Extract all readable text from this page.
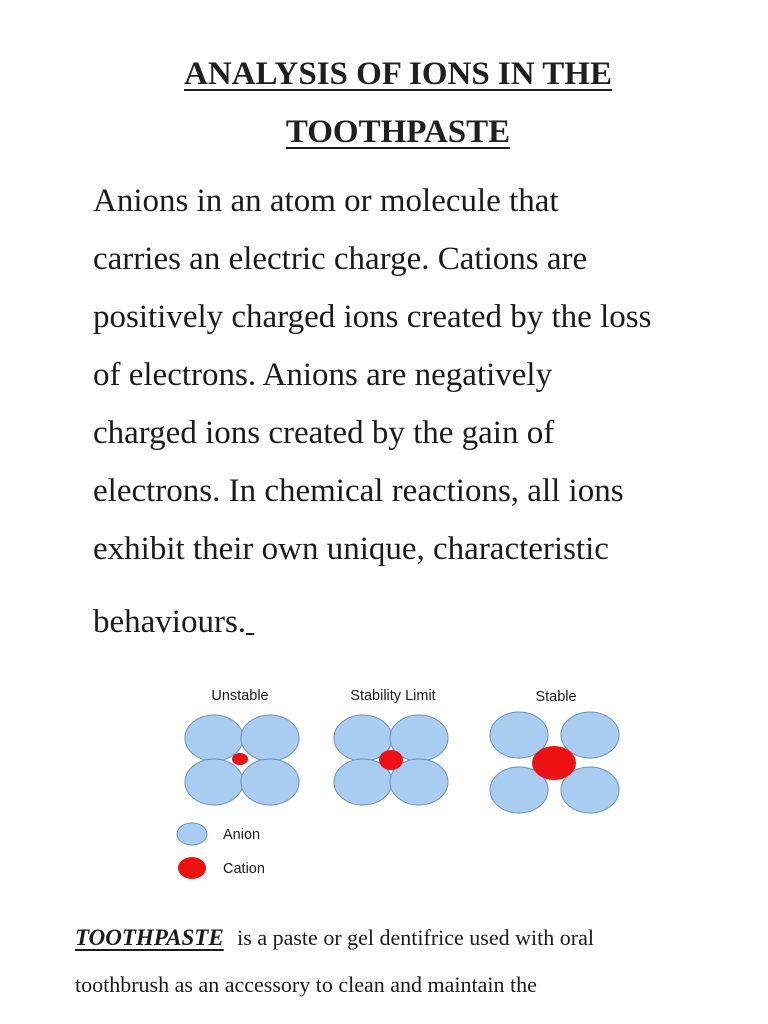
ANALYSIS OF IONS IN THE
TOOTHPASTE
Anions in an atom or molecule that
carries an electric charge. Cations are
positively charged ions created by the loss
of electrons. Anions are negatively
charged ions created by the gain of
electrons. In chemical reactions, all ions
exhibit their own unique, characteristic
behaviours.
Unstable	Stability Limit	Stable
Anion
Cation
TOOTHPASTE is a paste or gel dentifrice used with oral
toothbrush as an accessory to clean and maintain the
